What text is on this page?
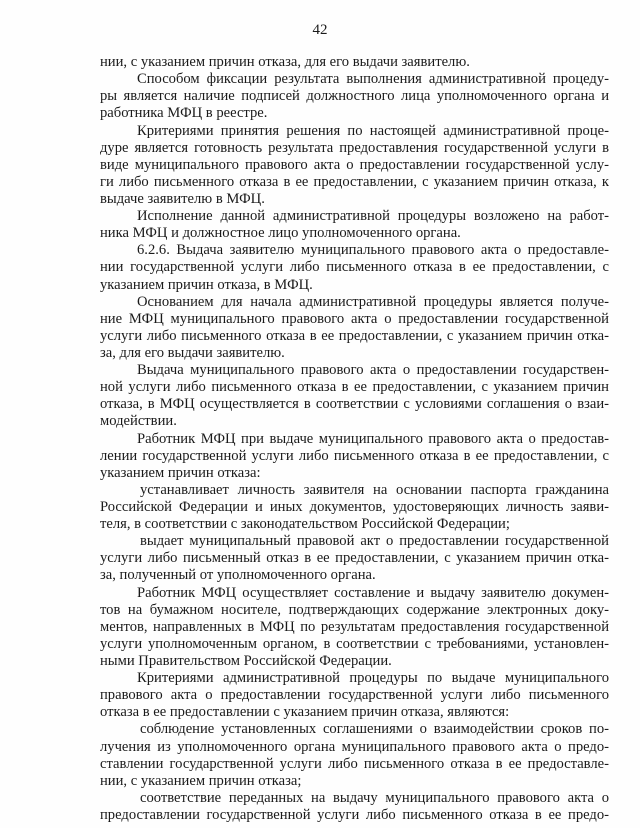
42
нии, с указанием причин отказа, для его выдачи заявителю.
Способом фиксации результата выполнения административной процеду-
ры является наличие подписей должностного лица уполномоченного органа и
работника МФЦ в реестре.
Критериями принятия решения по настоящей административной проце-
дуре является готовность результата предоставления государственной услуги в
виде муниципального правового акта о предоставлении государственной услу-
ги либо письменного отказа в ее предоставлении, с указанием причин отказа, к
выдаче заявителю в МФЦ.
Исполнение данной административной процедуры возложено на работ-
ника МФЦ и должностное лицо уполномоченного органа.
6.2.6. Выдача заявителю муниципального правового акта о предоставле-
нии государственной услуги либо письменного отказа в ее предоставлении, с
указанием причин отказа, в МФЦ.
Основанием для начала административной процедуры является получе-
ние МФЦ муниципального правового акта о предоставлении государственной
услуги либо письменного отказа в ее предоставлении, с указанием причин отка-
за, для его выдачи заявителю.
Выдача муниципального правового акта о предоставлении государствен-
ной услуги либо письменного отказа в ее предоставлении, с указанием причин
отказа, в МФЦ осуществляется в соответствии с условиями соглашения о взаи-
модействии.
Работник МФЦ при выдаче муниципального правового акта о предостав-
лении государственной услуги либо письменного отказа в ее предоставлении, с
указанием причин отказа:
устанавливает личность заявителя на основании паспорта гражданина
Российской Федерации и иных документов, удостоверяющих личность заяви-
теля, в соответствии с законодательством Российской Федерации;
выдает муниципальный правовой акт о предоставлении государственной
услуги либо письменный отказ в ее предоставлении, с указанием причин отка-
за, полученный от уполномоченного органа.
Работник МФЦ осуществляет составление и выдачу заявителю докумен-
тов на бумажном носителе, подтверждающих содержание электронных доку-
ментов, направленных в МФЦ по результатам предоставления государственной
услуги уполномоченным органом, в соответствии с требованиями, установлен-
ными Правительством Российской Федерации.
Критериями административной процедуры по выдаче муниципального
правового акта о предоставлении государственной услуги либо письменного
отказа в ее предоставлении с указанием причин отказа, являются:
соблюдение установленных соглашениями о взаимодействии сроков по-
лучения из уполномоченного органа муниципального правового акта о предо-
ставлении государственной услуги либо письменного отказа в ее предоставле-
нии, с указанием причин отказа;
соответствие переданных на выдачу муниципального правового акта о
предоставлении государственной услуги либо письменного отказа в ее предо-
